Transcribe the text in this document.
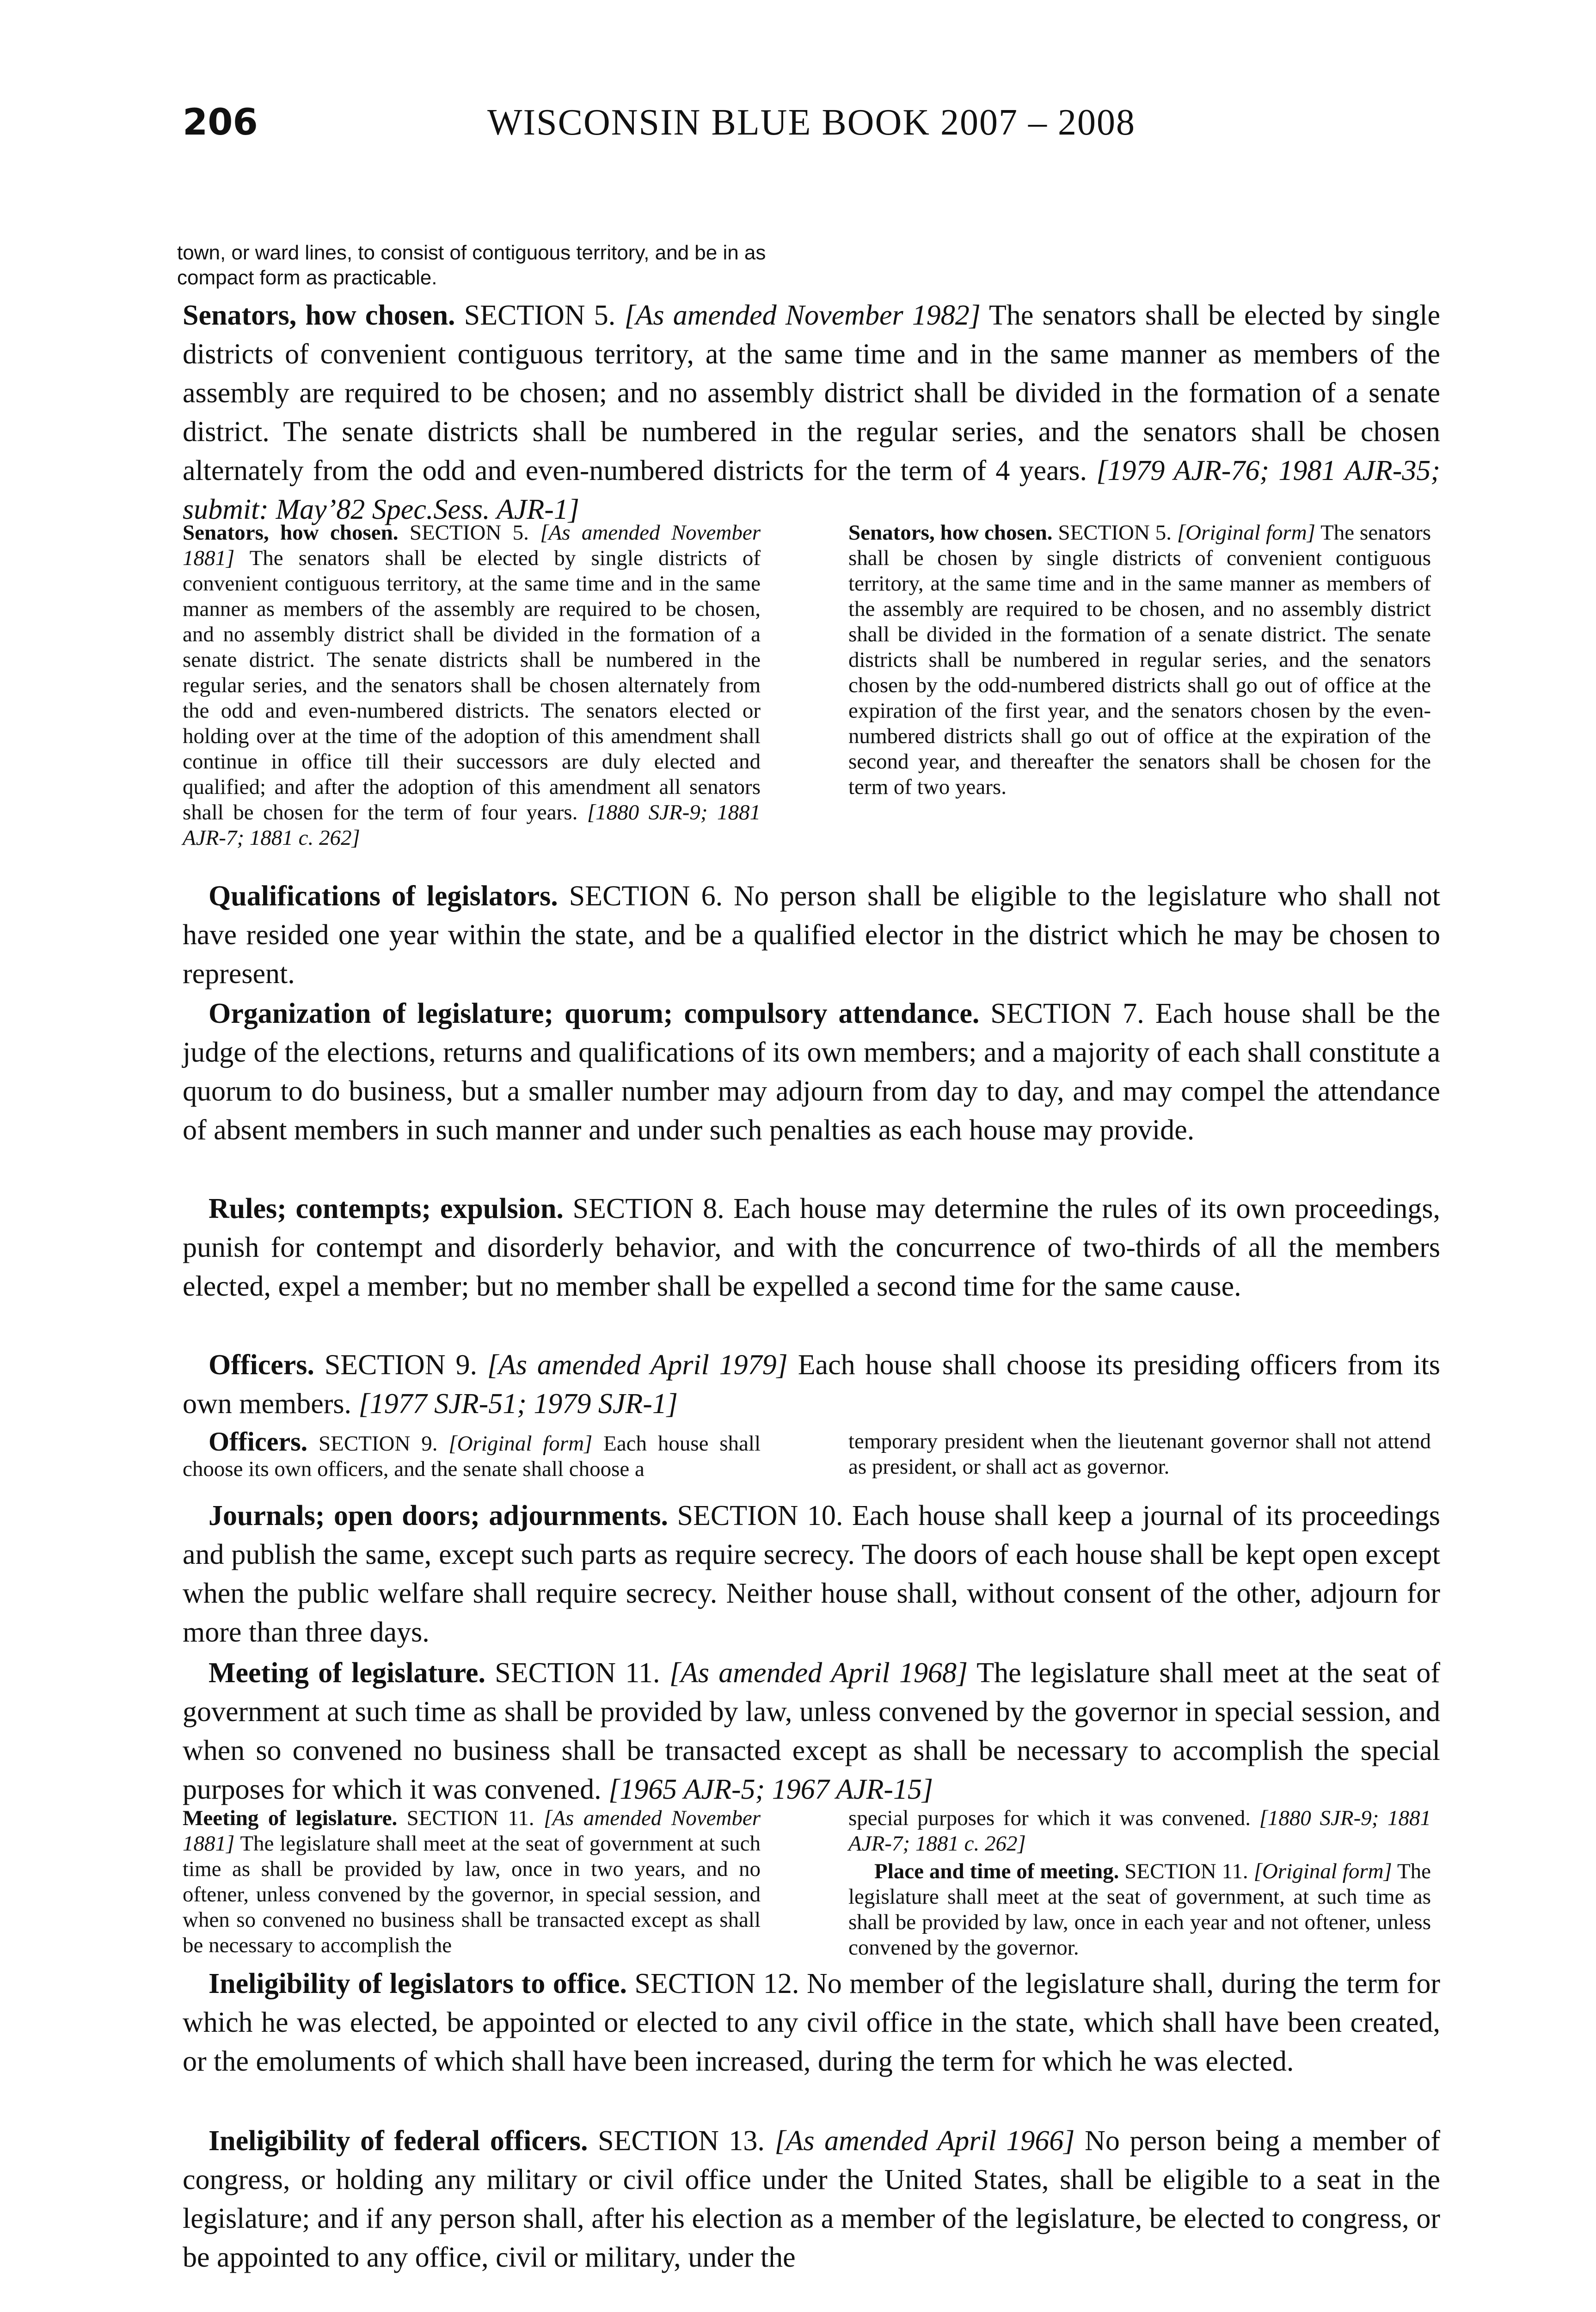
206	WISCONSIN BLUE BOOK 2007 – 2008
town, or ward lines, to consist of contiguous territory, and be in as compact form as practicable.
Senators, how chosen. SECTION 5. [As amended November 1982] The senators shall be elected by single districts of convenient contiguous territory, at the same time and in the same manner as members of the assembly are required to be chosen; and no assembly district shall be divided in the formation of a senate district. The senate districts shall be numbered in the regular series, and the senators shall be chosen alternately from the odd and even-numbered districts for the term of 4 years. [1979 AJR-76; 1981 AJR-35; submit: May’82 Spec.Sess. AJR-1]
Senators, how chosen. SECTION 5. [As amended November 1881] The senators shall be elected by single districts of convenient contiguous territory, at the same time and in the same manner as members of the assembly are required to be chosen, and no assembly district shall be divided in the formation of a senate district. The senate districts shall be numbered in the regular series, and the senators shall be chosen alternately from the odd and even-numbered districts. The senators elected or holding over at the time of the adoption of this amendment shall continue in office till their successors are duly elected and qualified; and after the adoption of this amendment all senators shall be chosen for the term of four years. [1880 SJR-9; 1881 AJR-7; 1881 c. 262]
Senators, how chosen. SECTION 5. [Original form] The senators shall be chosen by single districts of convenient contiguous territory, at the same time and in the same manner as members of the assembly are required to be chosen, and no assembly district shall be divided in the formation of a senate district. The senate districts shall be numbered in regular series, and the senators chosen by the odd-numbered districts shall go out of office at the expiration of the first year, and the senators chosen by the even-numbered districts shall go out of office at the expiration of the second year, and thereafter the senators shall be chosen for the term of two years.
Qualifications of legislators. SECTION 6. No person shall be eligible to the legislature who shall not have resided one year within the state, and be a qualified elector in the district which he may be chosen to represent.
Organization of legislature; quorum; compulsory attendance. SECTION 7. Each house shall be the judge of the elections, returns and qualifications of its own members; and a majority of each shall constitute a quorum to do business, but a smaller number may adjourn from day to day, and may compel the attendance of absent members in such manner and under such penalties as each house may provide.
Rules; contempts; expulsion. SECTION 8. Each house may determine the rules of its own proceedings, punish for contempt and disorderly behavior, and with the concurrence of two-thirds of all the members elected, expel a member; but no member shall be expelled a second time for the same cause.
Officers. SECTION 9. [As amended April 1979] Each house shall choose its presiding officers from its own members. [1977 SJR-51; 1979 SJR-1]
Officers. SECTION 9. [Original form] Each house shall choose its own officers, and the senate shall choose a
temporary president when the lieutenant governor shall not attend as president, or shall act as governor.
Journals; open doors; adjournments. SECTION 10. Each house shall keep a journal of its proceedings and publish the same, except such parts as require secrecy. The doors of each house shall be kept open except when the public welfare shall require secrecy. Neither house shall, without consent of the other, adjourn for more than three days.
Meeting of legislature. SECTION 11. [As amended April 1968] The legislature shall meet at the seat of government at such time as shall be provided by law, unless convened by the governor in special session, and when so convened no business shall be transacted except as shall be necessary to accomplish the special purposes for which it was convened. [1965 AJR-5; 1967 AJR-15]
Meeting of legislature. SECTION 11. [As amended November 1881] The legislature shall meet at the seat of government at such time as shall be provided by law, once in two years, and no oftener, unless convened by the governor, in special session, and when so convened no business shall be transacted except as shall be necessary to accomplish the
special purposes for which it was convened. [1880 SJR-9; 1881 AJR-7; 1881 c. 262]
Place and time of meeting. SECTION 11. [Original form] The legislature shall meet at the seat of government, at such time as shall be provided by law, once in each year and not oftener, unless convened by the governor.
Ineligibility of legislators to office. SECTION 12. No member of the legislature shall, during the term for which he was elected, be appointed or elected to any civil office in the state, which shall have been created, or the emoluments of which shall have been increased, during the term for which he was elected.
Ineligibility of federal officers. SECTION 13. [As amended April 1966] No person being a member of congress, or holding any military or civil office under the United States, shall be eligible to a seat in the legislature; and if any person shall, after his election as a member of the legislature, be elected to congress, or be appointed to any office, civil or military, under the
